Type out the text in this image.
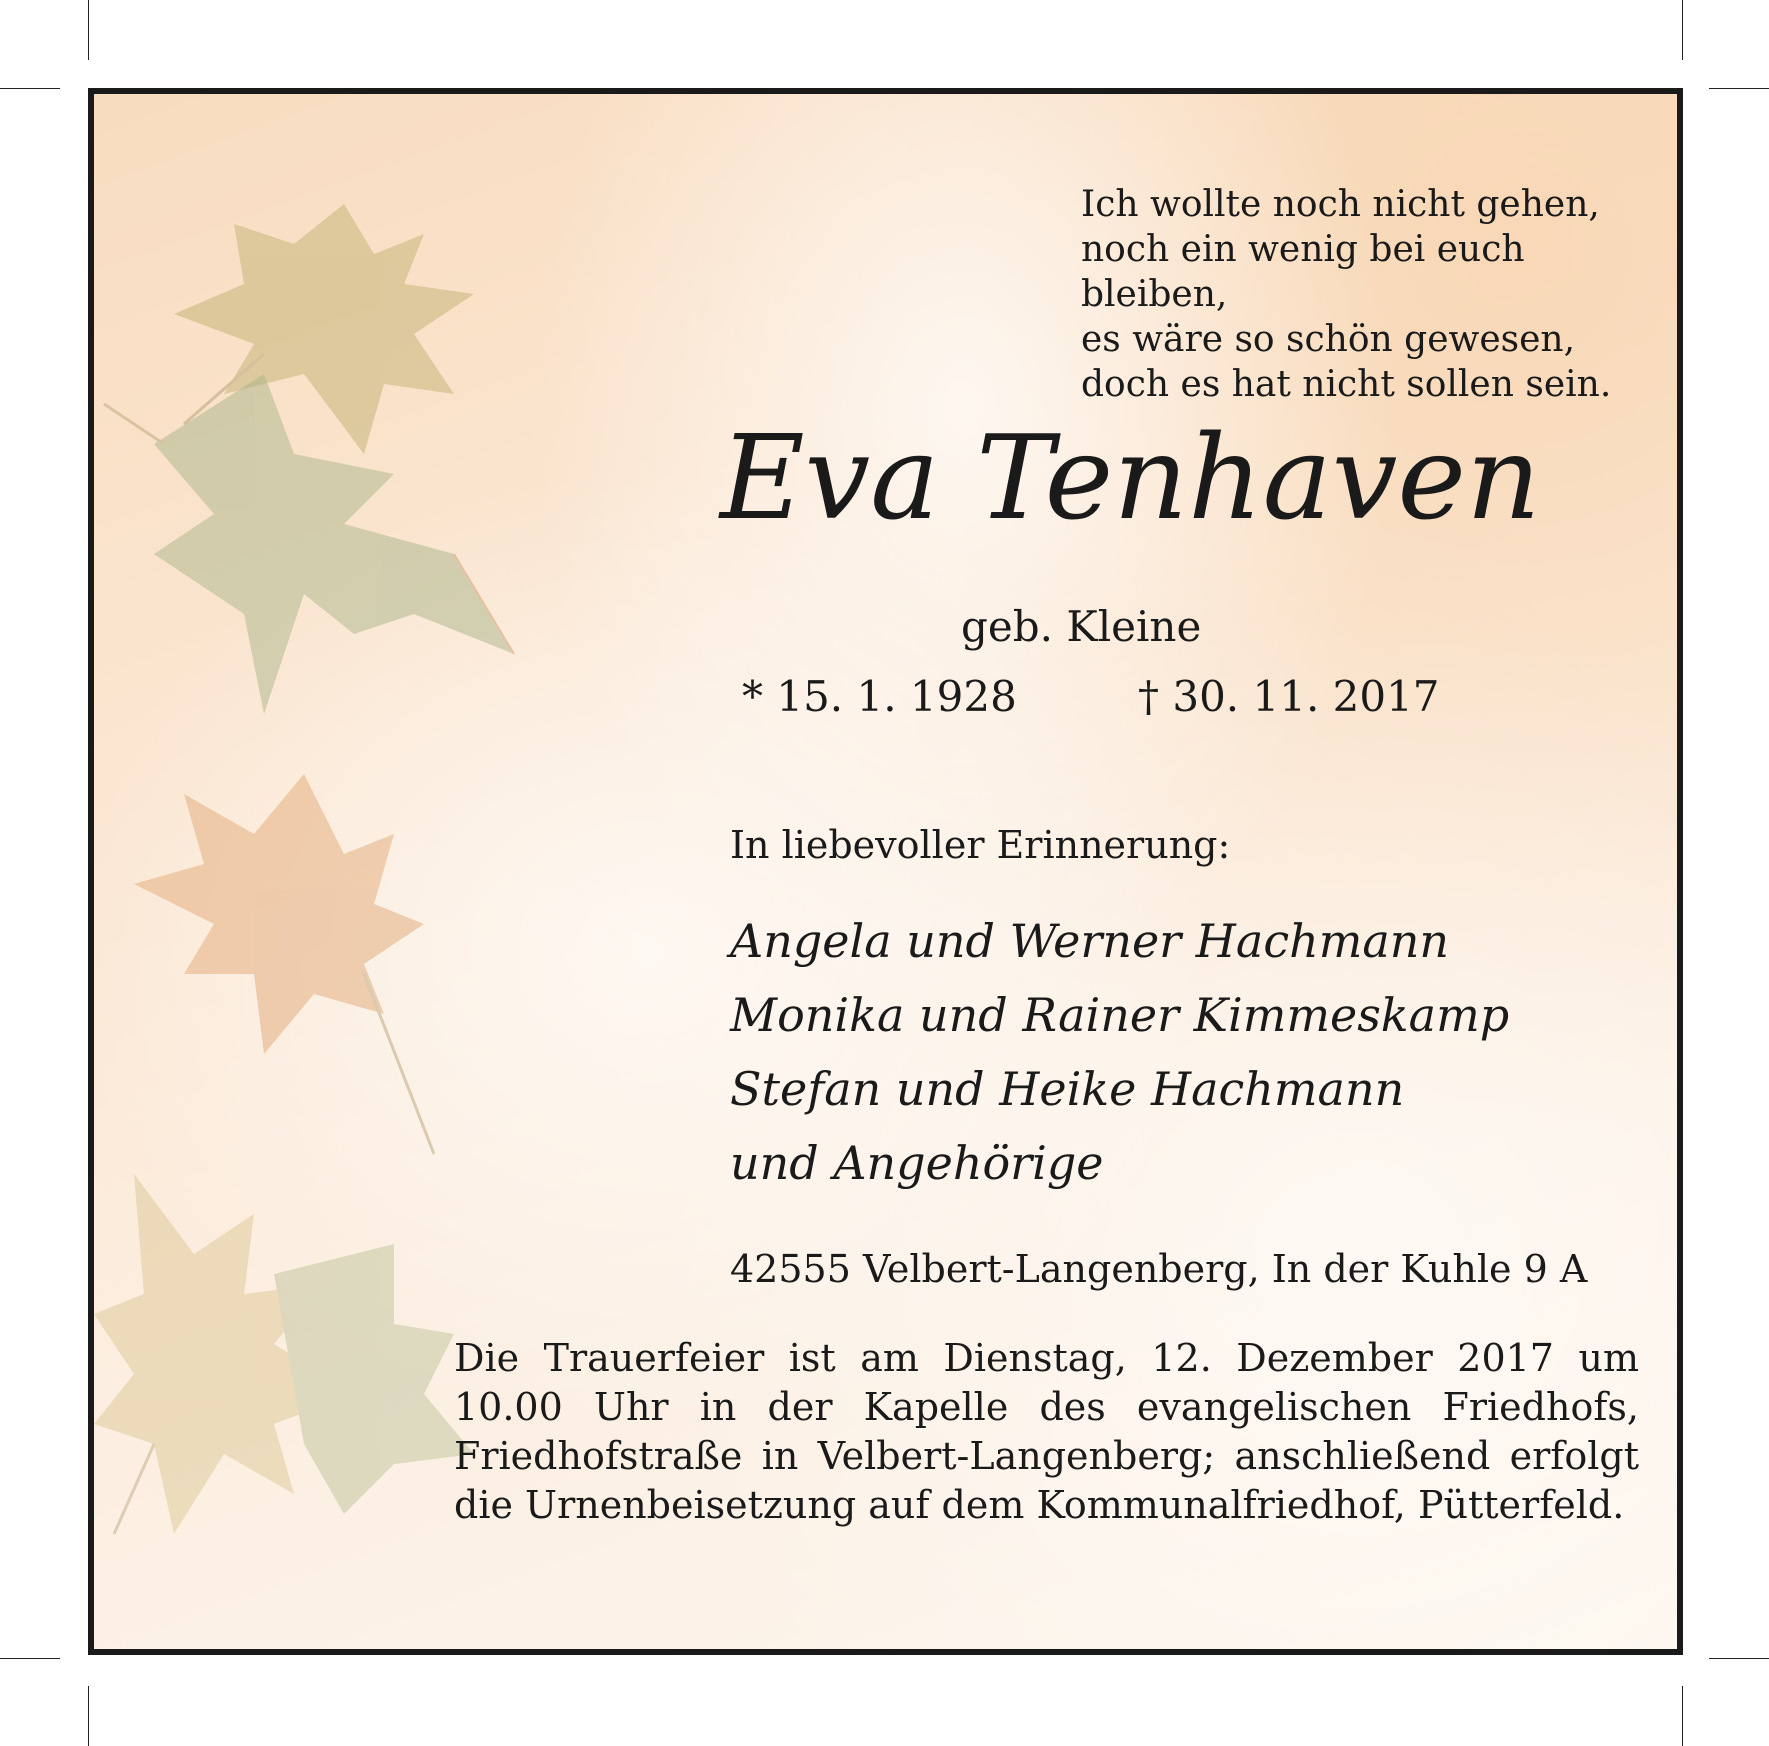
Ich wollte noch nicht gehen,
noch ein wenig bei euch bleiben,
es wäre so schön gewesen,
doch es hat nicht sollen sein.
Eva Tenhaven
geb. Kleine
* 15. 1. 1928	† 30. 11. 2017
In liebevoller Erinnerung:
Angela und Werner Hachmann
Monika und Rainer Kimmeskamp
Stefan und Heike Hachmann
und Angehörige
42555 Velbert-Langenberg, In der Kuhle 9 A
Die Trauerfeier ist am Dienstag, 12. Dezember 2017 um 10.00 Uhr in der Kapelle des evangelischen Friedhofs, Friedhofstraße in Velbert-Langenberg; anschließend erfolgt die Urnenbeisetzung auf dem Kommunalfriedhof, Pütterfeld.
